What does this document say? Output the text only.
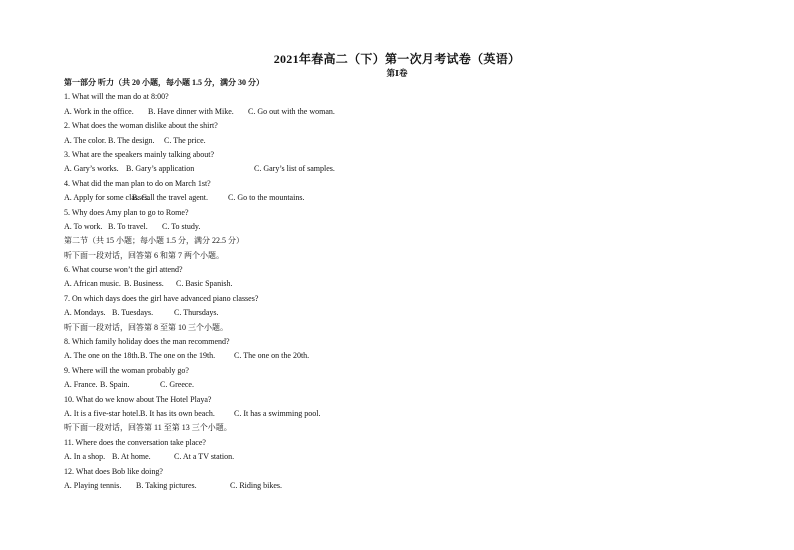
2021年春高二（下）第一次月考试卷（英语）
第Ⅰ卷
第一部分 听力（共 20 小题，每小题 1.5 分，满分 30 分）
1. What will the man do at 8:00?
A. Work in the office. B. Have dinner with Mike. C. Go out with the woman.
2. What does the woman dislike about the shirt?
A. The color. B. The design. C. The price.
3. What are the speakers mainly talking about?
A. Gary’s works. B. Gary’s application	C. Gary’s list of samples.
4. What did the man plan to do on March 1st?
A. Apply for some classes.B. Call the travel agent.	C. Go to the mountains.
5. Why does Amy plan to go to Rome?
A. To work. B. To travel. C. To study.
第二节（共 15 小题；每小题 1.5 分，满分 22.5 分）
听下面一段对话，回答第 6 和第 7 两个小题。
6. What course won’t the girl attend?
A. African music. B. Business. C. Basic Spanish.
7. On which days does the girl have advanced piano classes?
A. Mondays. B. Tuesdays.	C. Thursdays.
听下面一段对话，回答第 8 至第 10 三个小题。
8. Which family holiday does the man recommend?
A. The one on the 18th.B. The one on the 19th. C. The one on the 20th.
9. Where will the woman probably go?
A. France. B. Spain.	C. Greece.
10. What do we know about The Hotel Playa?
A. It is a five-star hotel.B. It has its own beach. C. It has a swimming pool.
听下面一段对话，回答第 11 至第 13 三个小题。
11. Where does the conversation take place?
A. In a shop. B. At home.	C. At a TV station.
12. What does Bob like doing?
A. Playing tennis. B. Taking pictures.	C. Riding bikes.
